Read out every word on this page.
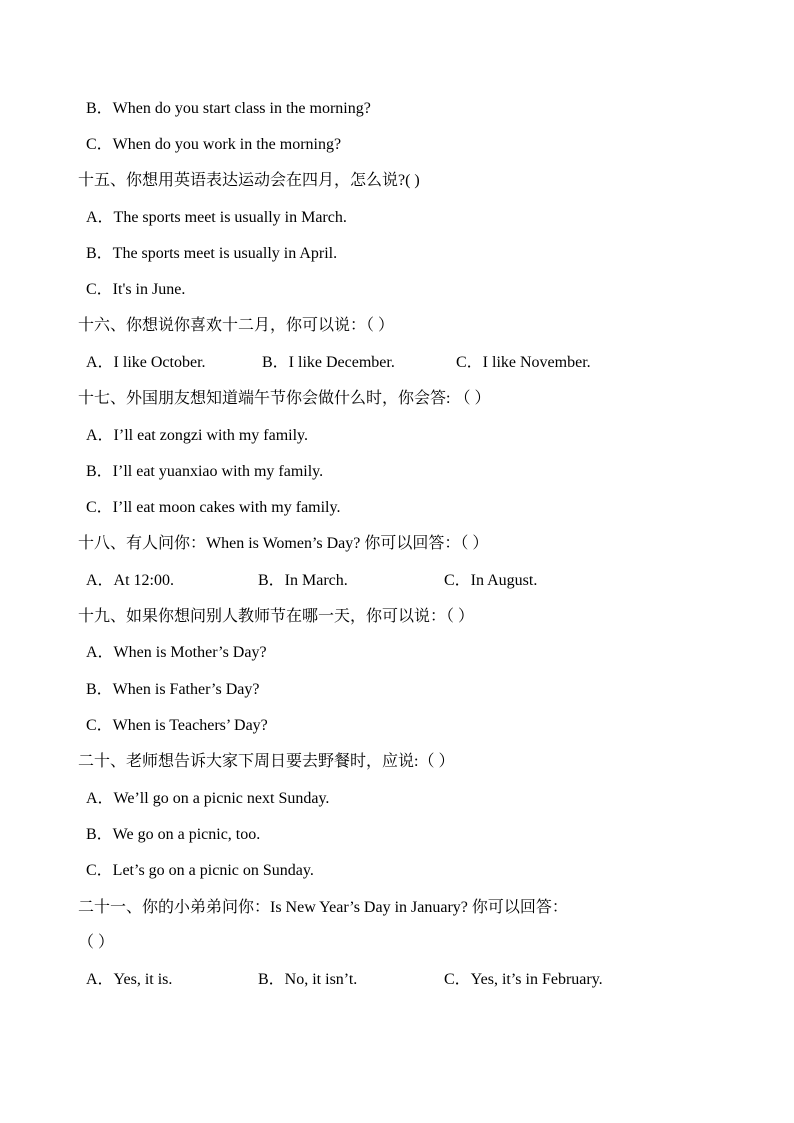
B．When do you start class in the morning?
C．When do you work in the morning?
十五、你想用英语表达运动会在四月，怎么说?( )
A．The sports meet is usually in March.
B．The sports meet is usually in April.
C．It's in June.
十六、你想说你喜欢十二月，你可以说：（ ）
A．I like October.	B．I like December.	C．I like November.
十七、外国朋友想知道端午节你会做什么时，你会答: （ ）
A．I’ll eat zongzi with my family.
B．I’ll eat yuanxiao with my family.
C．I’ll eat moon cakes with my family.
十八、有人问你：When is Women’s Day? 你可以回答：（ ）
A．At 12:00.	B．In March.	C．In August.
十九、如果你想问别人教师节在哪一天，你可以说：（ ）
A．When is Mother’s Day?
B．When is Father’s Day?
C．When is Teachers’ Day?
二十、老师想告诉大家下周日要去野餐时，应说:（ ）
A．We’ll go on a picnic next Sunday.
B．We go on a picnic, too.
C．Let’s go on a picnic on Sunday.
二十一、你的小弟弟问你：Is New Year’s Day in January? 你可以回答：
（ ）
A．Yes, it is.	B．No, it isn’t.	C．Yes, it’s in February.
